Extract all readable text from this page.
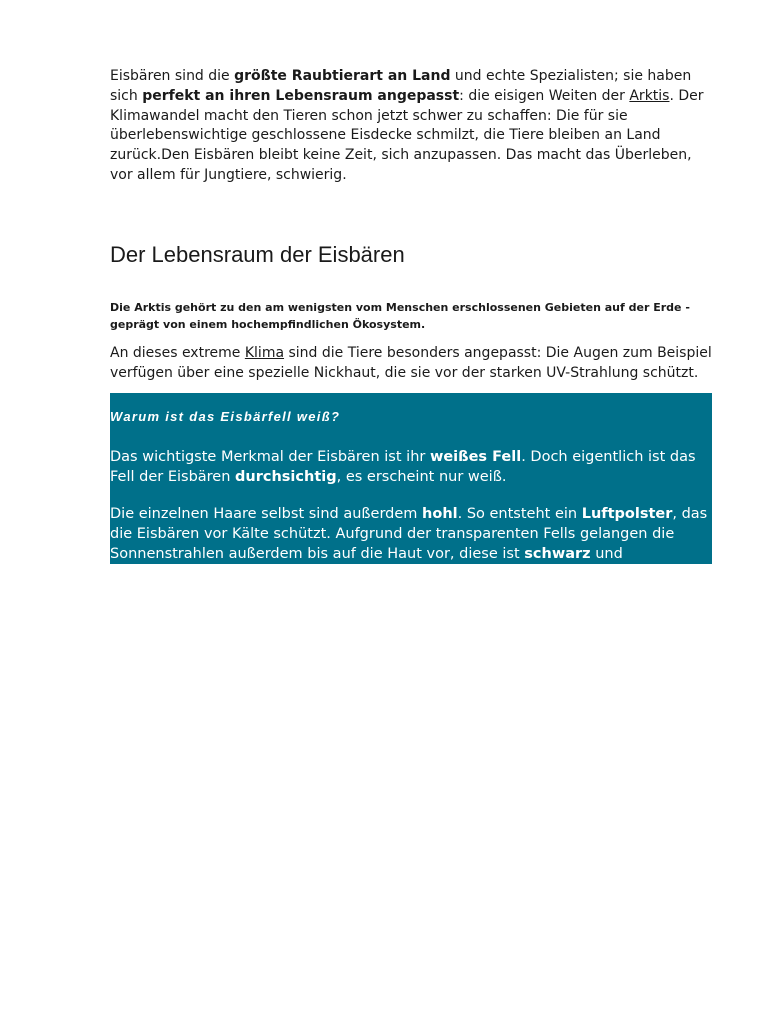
Eisbären sind die größte Raubtierart an Land und echte Spezialisten; sie haben sich perfekt an ihren Lebensraum angepasst: die eisigen Weiten der Arktis. Der Klimawandel macht den Tieren schon jetzt schwer zu schaffen: Die für sie überlebenswichtige geschlossene Eisdecke schmilzt, die Tiere bleiben an Land zurück.Den Eisbären bleibt keine Zeit, sich anzupassen. Das macht das Überleben, vor allem für Jungtiere, schwierig.

Der Lebensraum der Eisbären

Die Arktis gehört zu den am wenigsten vom Menschen erschlossenen Gebieten auf der Erde - geprägt von einem hochempfindlichen Ökosystem.

An dieses extreme Klima sind die Tiere besonders angepasst: Die Augen zum Beispiel verfügen über eine spezielle Nickhaut, die sie vor der starken UV-Strahlung schützt.

Warum ist das Eisbärfell weiß?

Das wichtigste Merkmal der Eisbären ist ihr weißes Fell. Doch eigentlich ist das Fell der Eisbären durchsichtig, es erscheint nur weiß.

Die einzelnen Haare selbst sind außerdem hohl. So entsteht ein Luftpolster, das die Eisbären vor Kälte schützt. Aufgrund der transparenten Fells gelangen die Sonnenstrahlen außerdem bis auf die Haut vor, diese ist schwarz und
